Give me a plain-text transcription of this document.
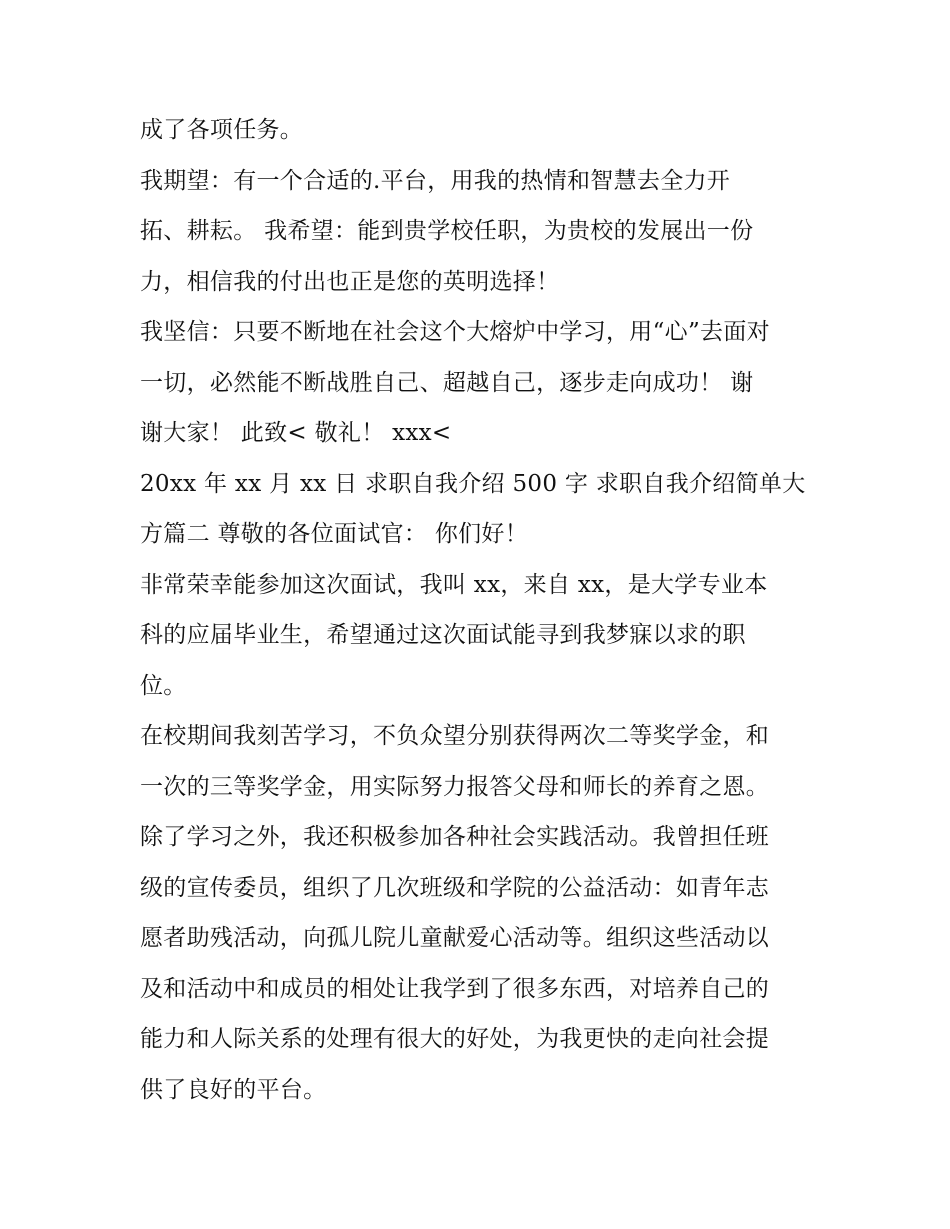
成了各项任务。
我期望：有一个合适的.平台，用我的热情和智慧去全力开
拓、耕耘。 我希望：能到贵学校任职，为贵校的发展出一份
力，相信我的付出也正是您的英明选择！
我坚信：只要不断地在社会这个大熔炉中学习，用“心”去面对
一切，必然能不断战胜自己、超越自己，逐步走向成功！ 谢
谢大家！ 此致< 敬礼！ xxx<
20xx 年 xx 月 xx 日 求职自我介绍 500 字 求职自我介绍简单大
方篇二 尊敬的各位面试官： 你们好！
非常荣幸能参加这次面试，我叫 xx，来自 xx，是大学专业本
科的应届毕业生，希望通过这次面试能寻到我梦寐以求的职
位。
在校期间我刻苦学习，不负众望分别获得两次二等奖学金，和
一次的三等奖学金，用实际努力报答父母和师长的养育之恩。
除了学习之外，我还积极参加各种社会实践活动。我曾担任班
级的宣传委员，组织了几次班级和学院的公益活动：如青年志
愿者助残活动，向孤儿院儿童献爱心活动等。组织这些活动以
及和活动中和成员的相处让我学到了很多东西，对培养自己的
能力和人际关系的处理有很大的好处，为我更快的走向社会提
供了良好的平台。
